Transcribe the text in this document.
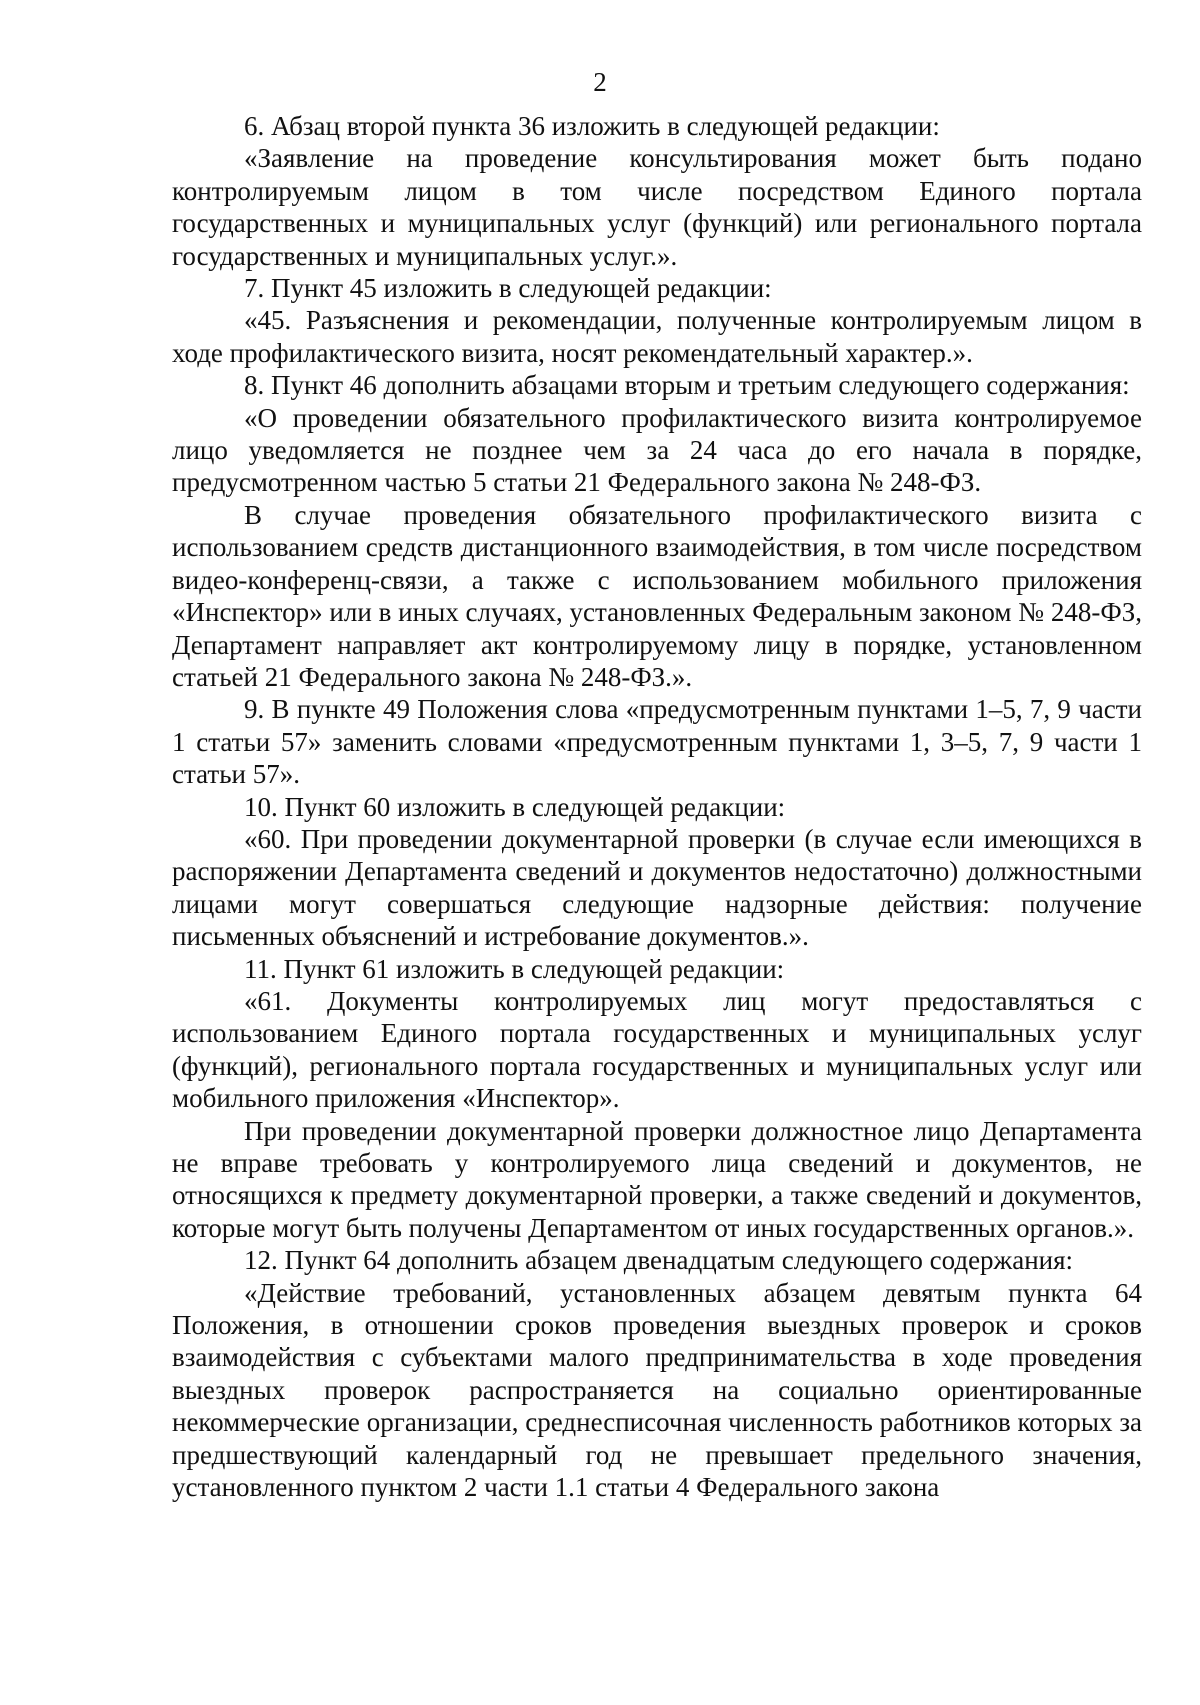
2

6. Абзац второй пункта 36 изложить в следующей редакции:

«Заявление на проведение консультирования может быть подано контролируемым лицом в том числе посредством Единого портала государственных и муниципальных услуг (функций) или регионального портала государственных и муниципальных услуг.».

7. Пункт 45 изложить в следующей редакции:

«45. Разъяснения и рекомендации, полученные контролируемым лицом в ходе профилактического визита, носят рекомендательный характер.».

8. Пункт 46 дополнить абзацами вторым и третьим следующего содержания:

«О проведении обязательного профилактического визита контролируемое лицо уведомляется не позднее чем за 24 часа до его начала в порядке, предусмотренном частью 5 статьи 21 Федерального закона № 248-ФЗ.

В случае проведения обязательного профилактического визита с использованием средств дистанционного взаимодействия, в том числе посредством видео-конференц-связи, а также с использованием мобильного приложения «Инспектор» или в иных случаях, установленных Федеральным законом № 248-ФЗ, Департамент направляет акт контролируемому лицу в порядке, установленном статьей 21 Федерального закона № 248-ФЗ.».

9. В пункте 49 Положения слова «предусмотренным пунктами 1–5, 7, 9 части 1 статьи 57» заменить словами «предусмотренным пунктами 1, 3–5, 7, 9 части 1 статьи 57».

10. Пункт 60 изложить в следующей редакции:

«60. При проведении документарной проверки (в случае если имеющихся в распоряжении Департамента сведений и документов недостаточно) должностными лицами могут совершаться следующие надзорные действия: получение письменных объяснений и истребование документов.».

11. Пункт 61 изложить в следующей редакции:

«61. Документы контролируемых лиц могут предоставляться с использованием Единого портала государственных и муниципальных услуг (функций), регионального портала государственных и муниципальных услуг или мобильного приложения «Инспектор».

При проведении документарной проверки должностное лицо Департамента не вправе требовать у контролируемого лица сведений и документов, не относящихся к предмету документарной проверки, а также сведений и документов, которые могут быть получены Департаментом от иных государственных органов.».

12. Пункт 64 дополнить абзацем двенадцатым следующего содержания:

«Действие требований, установленных абзацем девятым пункта 64 Положения, в отношении сроков проведения выездных проверок и сроков взаимодействия с субъектами малого предпринимательства в ходе проведения выездных проверок распространяется на социально ориентированные некоммерческие организации, среднесписочная численность работников которых за предшествующий календарный год не превышает предельного значения, установленного пунктом 2 части 1.1 статьи 4 Федерального закона
